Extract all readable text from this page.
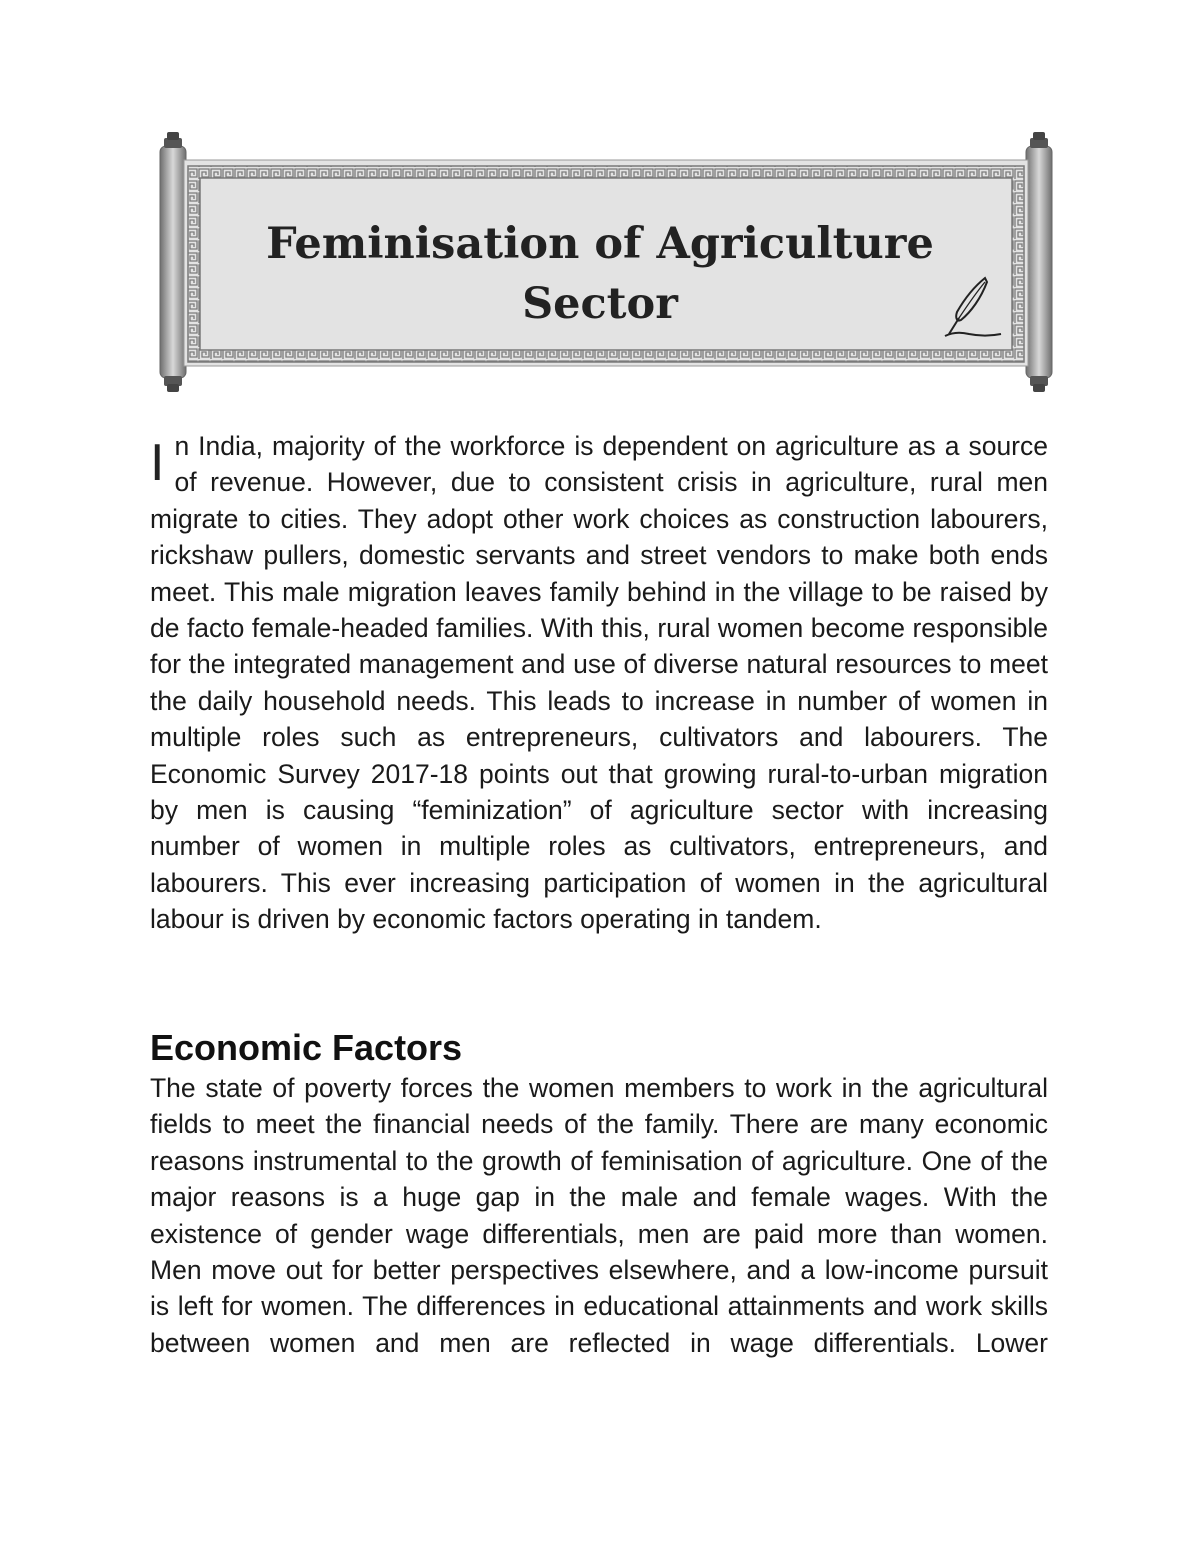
Feminisation of Agriculture
Sector

In India, majority of the workforce is dependent on agriculture as a source of revenue. However, due to consistent crisis in agriculture, rural men migrate to cities. They adopt other work choices as construction labourers, rickshaw pullers, domestic servants and street vendors to make both ends meet. This male migration leaves family behind in the village to be raised by de facto female-headed families. With this, rural women become responsible for the integrated management and use of diverse natural resources to meet the daily household needs. This leads to increase in number of women in multiple roles such as entrepreneurs, cultivators and labourers. The Economic Survey 2017-18 points out that growing rural-to-urban migration by men is causing “feminization” of agriculture sector with increasing number of women in multiple roles as cultivators, entrepreneurs, and labourers. This ever increasing participation of women in the agricultural labour is driven by economic factors operating in tandem.

Economic Factors

The state of poverty forces the women members to work in the agricultural fields to meet the financial needs of the family. There are many economic reasons instrumental to the growth of feminisation of agriculture. One of the major reasons is a huge gap in the male and female wages. With the existence of gender wage differentials, men are paid more than women. Men move out for better perspectives elsewhere, and a low-income pursuit is left for women. The differences in educational attainments and work skills between women and men are reflected in wage differentials. Lower
